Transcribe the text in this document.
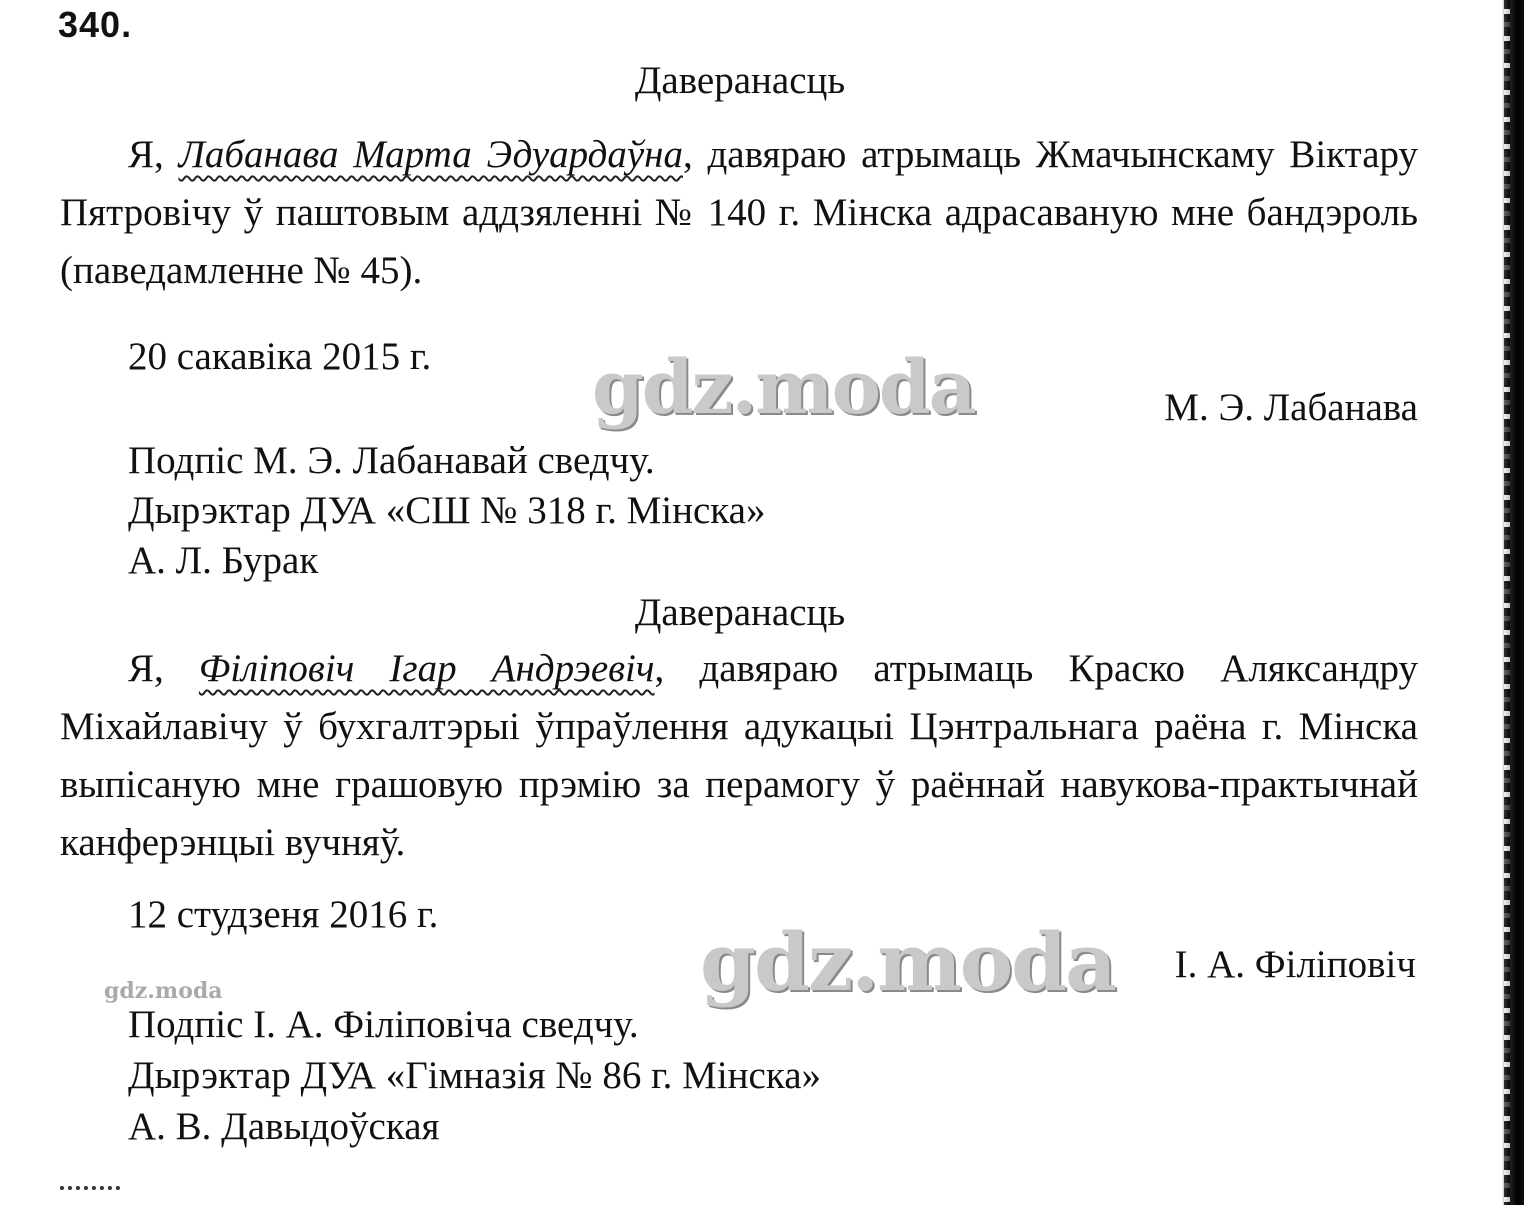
340.
Даверанасць

Я, Лабанава Марта Эдуардаўна, давяраю атрымаць Жмачынскаму Віктару Пятровічу ў паштовым аддзяленні № 140 г. Мінска адрасаваную мне бандэроль (паведамленне № 45).

20 сакавіка 2015 г.
М. Э. Лабанава
Подпіс М. Э. Лабанавай сведчу.
Дырэктар ДУА «СШ № 318 г. Мінска»
А. Л. Бурак
Даверанасць

Я, Філіповіч Ігар Андрэевіч, давяраю атрымаць Краско Аляксандру Міхайлавічу ў бухгалтэрыі ўпраўлення адукацыі Цэнтральнага раёна г. Мінска выпісаную мне грашовую прэмію за перамогу ў раённай навукова-практычнай канферэнцыі вучняў.

12 студзеня 2016 г.
І. А. Філіповіч
Подпіс І. А. Філіповіча сведчу.
Дырэктар ДУА «Гімназія № 86 г. Мінска»
А. В. Давыдоўская
gdz.moda
gdz.moda
gdz.moda
